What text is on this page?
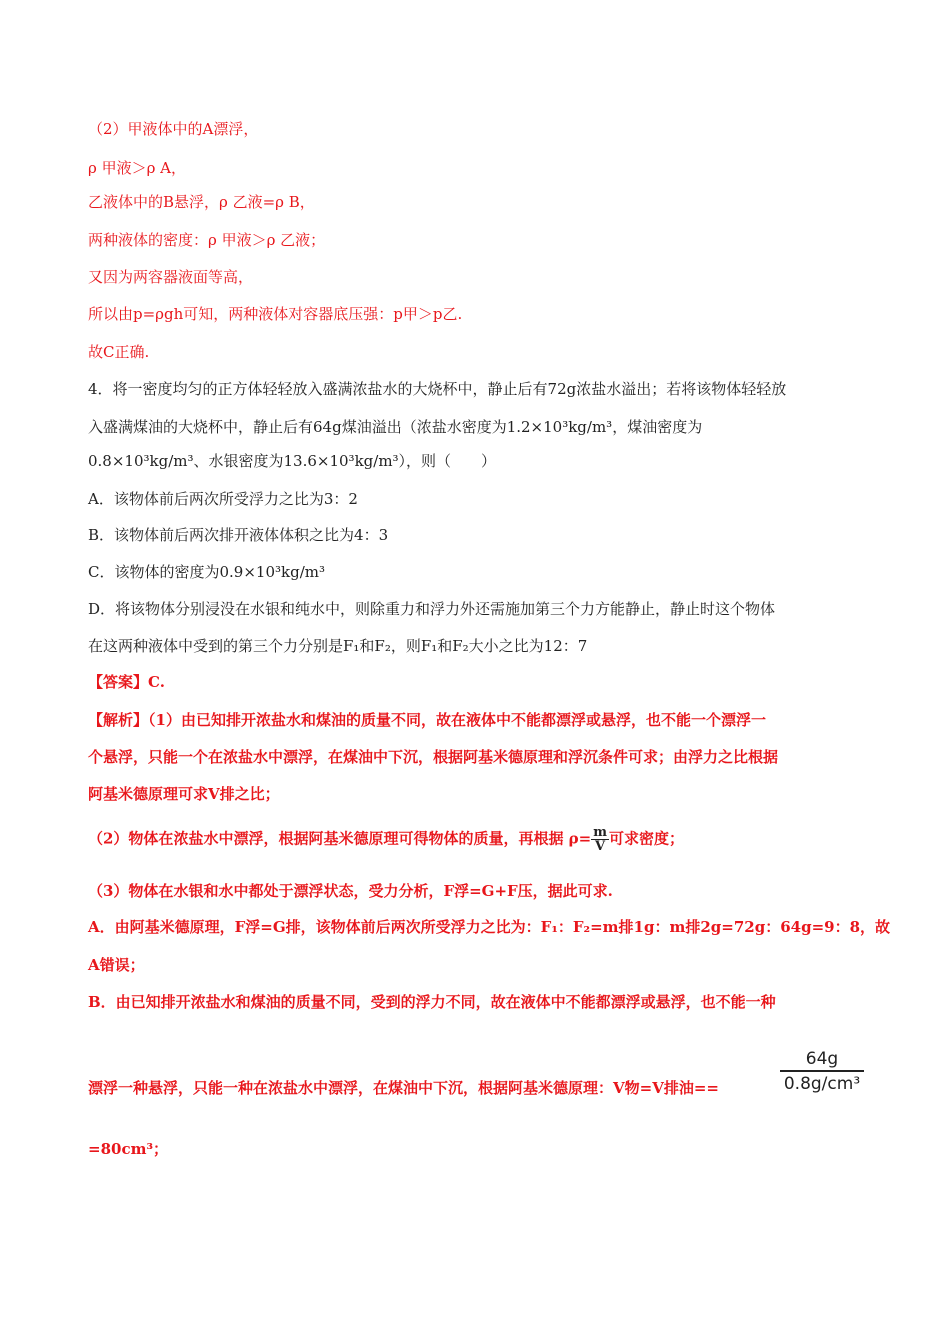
（2）甲液体中的A漂浮，
ρ 甲液＞ρ A，
乙液体中的B悬浮，ρ 乙液=ρ B，
两种液体的密度：ρ 甲液＞ρ 乙液；
又因为两容器液面等高，
所以由p=ρgh可知，两种液体对容器底压强：p甲＞p乙.
故C正确.
4．将一密度均匀的正方体轻轻放入盛满浓盐水的大烧杯中，静止后有72g浓盐水溢出；若将该物体轻轻放
入盛满煤油的大烧杯中，静止后有64g煤油溢出（浓盐水密度为1.2×10³kg/m³，煤油密度为
0.8×10³kg/m³、水银密度为13.6×10³kg/m³），则（　　）
A．该物体前后两次所受浮力之比为3：2
B．该物体前后两次排开液体体积之比为4：3
C．该物体的密度为0.9×10³kg/m³
D．将该物体分别浸没在水银和纯水中，则除重力和浮力外还需施加第三个力方能静止，静止时这个物体
在这两种液体中受到的第三个力分别是F₁和F₂，则F₁和F₂大小之比为12：7
【答案】C.
【解析】（1）由已知排开浓盐水和煤油的质量不同，故在液体中不能都漂浮或悬浮，也不能一个漂浮一
个悬浮，只能一个在浓盐水中漂浮，在煤油中下沉，根据阿基米德原理和浮沉条件可求；由浮力之比根据
阿基米德原理可求V排之比；
（2）物体在浓盐水中漂浮，根据阿基米德原理可得物体的质量，再根据 $\rho= \frac{m}{V}$ 可求密度；
（3）物体在水银和水中都处于漂浮状态，受力分析，F浮=G+F压，据此可求.
A．由阿基米德原理，F浮=G排，该物体前后两次所受浮力之比为：F₁：F₂=m排1g：m排2g=72g：64g=9：8，故
A错误；
B．由已知排开浓盐水和煤油的质量不同，受到的浮力不同，故在液体中不能都漂浮或悬浮，也不能一种
漂浮一种悬浮，只能一种在浓盐水中漂浮，在煤油中下沉，根据阿基米德原理：V物=V排油==	$\frac{64g}{\text{0.8g/cm³}}$
=80cm³；
